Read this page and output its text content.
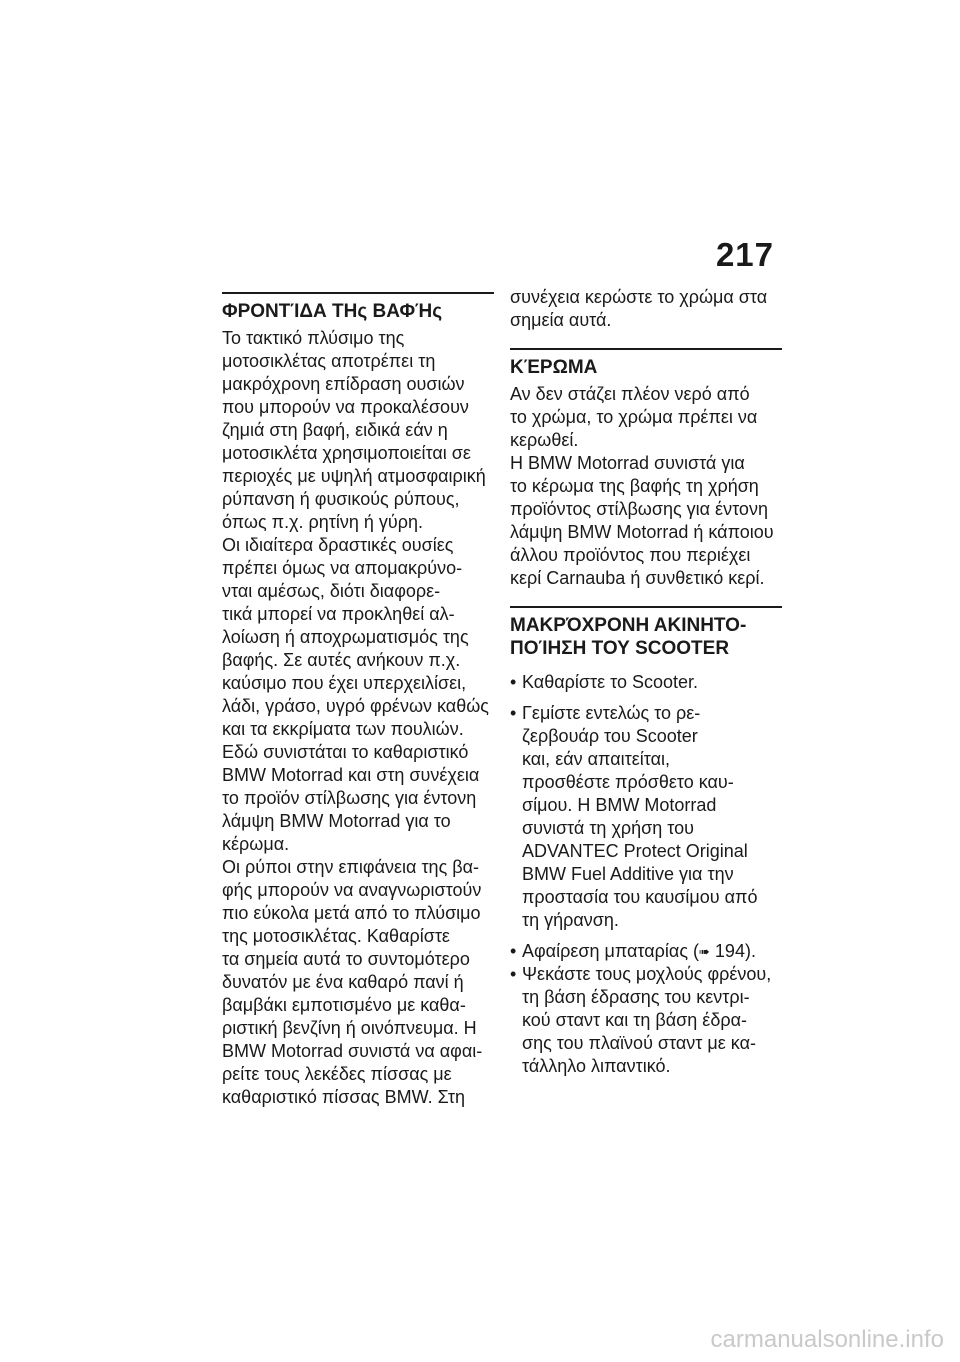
217
ΦΡΟΝΤΊΔΑ ΤΗς ΒΑΦΉς

Το τακτικό πλύσιμο της
μοτοσικλέτας αποτρέπει τη
μακρόχρονη επίδραση ουσιών
που μπορούν να προκαλέσουν
ζημιά στη βαφή, ειδικά εάν η
μοτοσικλέτα χρησιμοποιείται σε
περιοχές με υψηλή ατμοσφαιρική
ρύπανση ή φυσικούς ρύπους,
όπως π.χ. ρητίνη ή γύρη.

Οι ιδιαίτερα δραστικές ουσίες
πρέπει όμως να απομακρύνο-
νται αμέσως, διότι διαφορε-
τικά μπορεί να προκληθεί αλ-
λοίωση ή αποχρωματισμός της
βαφής. Σε αυτές ανήκουν π.χ.
καύσιμο που έχει υπερχειλίσει,
λάδι, γράσο, υγρό φρένων καθώς
και τα εκκρίματα των πουλιών.
Εδώ συνιστάται το καθαριστικό
BMW Motorrad και στη συνέχεια
το προϊόν στίλβωσης για έντονη
λάμψη BMW Motorrad για το
κέρωμα.

Οι ρύποι στην επιφάνεια της βα-
φής μπορούν να αναγνωριστούν
πιο εύκολα μετά από το πλύσιμο
της μοτοσικλέτας. Καθαρίστε
τα σημεία αυτά το συντομότερο
δυνατόν με ένα καθαρό πανί ή
βαμβάκι εμποτισμένο με καθα-
ριστική βενζίνη ή οινόπνευμα. Η
BMW Motorrad συνιστά να αφαι-
ρείτε τους λεκέδες πίσσας με
καθαριστικό πίσσας BMW. Στη

συνέχεια κερώστε το χρώμα στα
σημεία αυτά.

ΚΈΡΩΜΑ

Αν δεν στάζει πλέον νερό από
το χρώμα, το χρώμα πρέπει να
κερωθεί.

Η BMW Motorrad συνιστά για
το κέρωμα της βαφής τη χρήση
προϊόντος στίλβωσης για έντονη
λάμψη BMW Motorrad ή κάποιου
άλλου προϊόντος που περιέχει
κερί Carnauba ή συνθετικό κερί.

ΜΑΚΡΌΧΡΟΝΗ ΑΚΙΝΗΤΟ-
ΠΟΊΗΣΗ ΤΟΥ SCOOTER
• Καθαρίστε το Scooter.
• Γεμίστε εντελώς το ρε-
ζερβουάρ του Scooter
και, εάν απαιτείται,
προσθέστε πρόσθετο καυ-
σίμου. Η BMW Motorrad
συνιστά τη χρήση του
ADVANTEC Protect Original
BMW Fuel Additive για την
προστασία του καυσίμου από
τη γήρανση.
• Αφαίρεση μπαταρίας (➠ 194).
• Ψεκάστε τους μοχλούς φρένου,
τη βάση έδρασης του κεντρι-
κού σταντ και τη βάση έδρα-
σης του πλαϊνού σταντ με κα-
τάλληλο λιπαντικό.
carmanualsonline.info
